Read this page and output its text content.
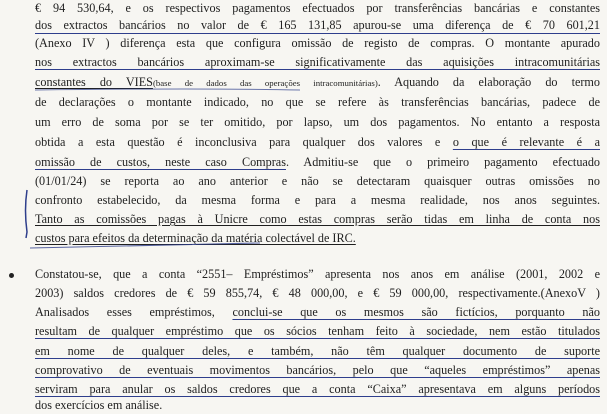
€ 94 530,64, e os respectivos pagamentos efectuados por transferências bancárias e constantes
dos extractos bancários no valor de € 165 131,85 apurou-se uma diferença de € 70 601,21
(Anexo IV ) diferença esta que configura omissão de registo de compras. O montante apurado
nos extractos bancários aproximam-se significativamente das aquisições intracomunitárias
constantes do VIES(base de dados das operações intracomunitárias). Aquando da elaboração do termo
de declarações o montante indicado, no que se refere às transferências bancárias, padece de
um erro de soma por se ter omitido, por lapso, um dos pagamentos. No entanto a resposta
obtida a esta questão é inconclusiva para qualquer dos valores e o que é relevante é a
omissão de custos, neste caso Compras. Admitiu-se que o primeiro pagamento efectuado
(01/01/24) se reporta ao ano anterior e não se detectaram quaisquer outras omissões no
confronto estabelecido, da mesma forma e para a mesma realidade, nos anos seguintes.
Tanto as comissões pagas à Unicre como estas compras serão tidas em linha de conta nos
custos para efeitos da determinação da matéria colectável de IRC.
Constatou-se, que a conta “2551– Empréstimos” apresenta nos anos em análise (2001, 2002 e
2003) saldos credores de € 59 855,74, € 48 000,00, e € 59 000,00, respectivamente.(AnexoV )
Analisados esses empréstimos, conclui-se que os mesmos são fictícios, porquanto não
resultam de qualquer empréstimo que os sócios tenham feito à sociedade, nem estão titulados
em nome de qualquer deles, e também, não têm qualquer documento de suporte
comprovativo de eventuais movimentos bancários, pelo que “aqueles empréstimos” apenas
serviram para anular os saldos credores que a conta “Caixa” apresentava em alguns períodos
dos exercícios em análise.
